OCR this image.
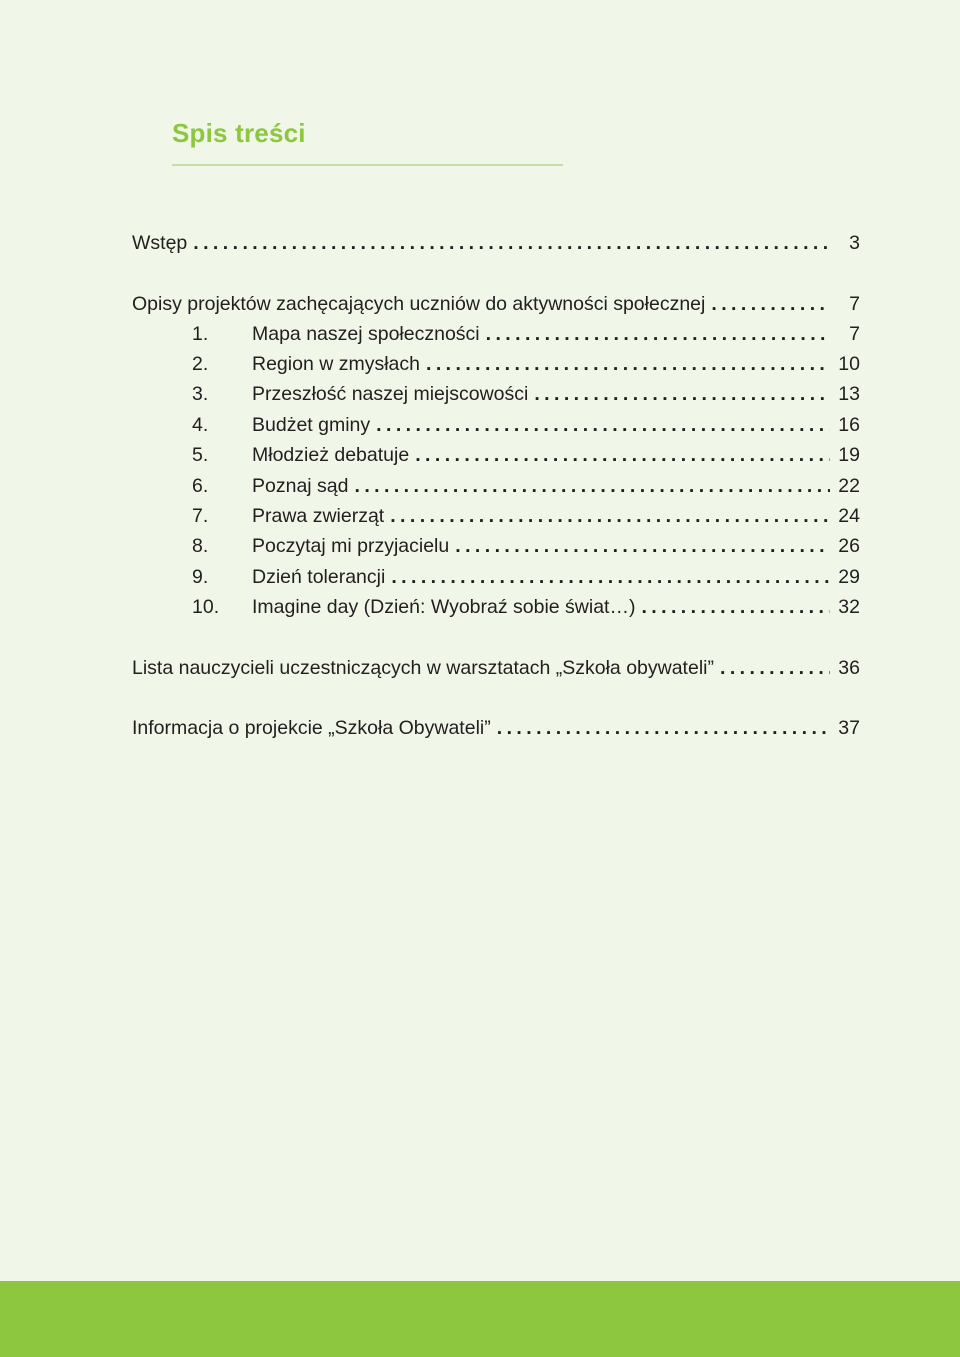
Spis treści
Wstęp . . .	3
Opisy projektów zachęcających uczniów do aktywności społecznej . . .	7
1.	Mapa naszej społeczności . . .	7
2.	Region w zmysłach . . .	10
3.	Przeszłość naszej miejscowości . . .	13
4.	Budżet gminy . . .	16
5.	Młodzież debatuje . . .	19
6.	Poznaj sąd . . .	22
7.	Prawa zwierząt . . .	24
8.	Poczytaj mi przyjacielu . . .	26
9.	Dzień tolerancji . . .	29
10.	Imagine day (Dzień: Wyobraź sobie świat…) . . .	32
Lista nauczycieli uczestniczących w warsztatach „Szkoła obywateli” . . .	36
Informacja o projekcie „Szkoła Obywateli” . . .	37
